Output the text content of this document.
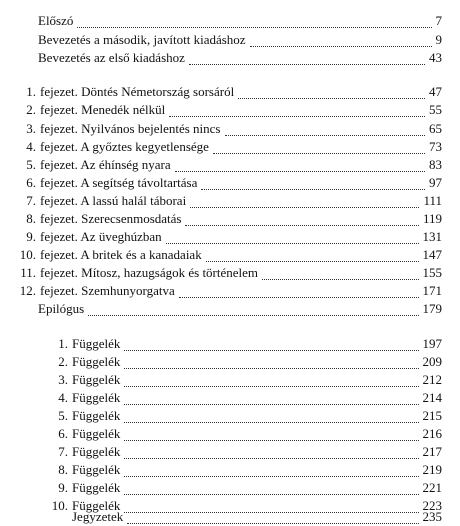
Előszó	7
Bevezetés a második, javított kiadáshoz	9
Bevezetés az első kiadáshoz	43
1. fejezet. Döntés Németország sorsáról	47
2. fejezet. Menedék nélkül	55
3. fejezet. Nyilvános bejelentés nincs	65
4. fejezet. A győztes kegyetlensége	73
5. fejezet. Az éhínség nyara	83
6. fejezet. A segítség távoltartása	97
7. fejezet. A lassú halál táborai	111
8. fejezet. Szerecsenmosdatás	119
9. fejezet. Az üveghúzban	131
10. fejezet. A britek és a kanadaiak	147
11. fejezet. Mítosz, hazugságok és történelem	155
12. fejezet. Szemhunyorgatva	171
Epilógus	179
1. Függelék	197
2. Függelék	209
3. Függelék	212
4. Függelék	214
5. Függelék	215
6. Függelék	216
7. Függelék	217
8. Függelék	219
9. Függelék	221
10. Függelék	223
Jegyzetek	235
